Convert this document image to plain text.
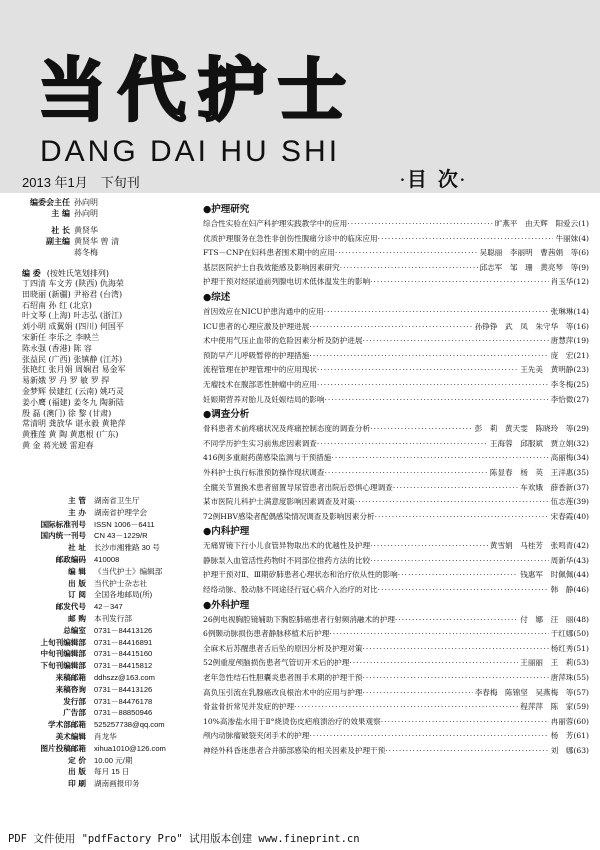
当代护士
DANG DAI HU SHI
2013 年1月　下旬刊	·目 次·
编委会主任 孙向明
主 编 孙向明
社 长 黄贤华
副主编 黄贤华 曾 清
蒋冬梅
编 委 (按姓氏笔划排列)
丁四清 车文芳 (陕西) 仇海荣
田晓丽 (新疆) 尹裕君 (台湾)
石绍南 孙 红 (北京)
叶文琴 (上海) 叶志弘 (浙江)
刘小明 成翼娟 (四川) 何国平
宋新任 李乐之 李映兰
陈永强 (香港) 陈 容
张益民 (广西) 张镇静 (江苏)
张艳红 张月娟 周娴君 易金军
易新娥 罗 丹 罗 敏 罗 捍
金梦辉 侯建红 (云南) 姚巧灵
姜小鹰 (福建) 姜冬九 陶新陆
殷 磊 (澳门) 徐 黎 (甘肃)
常清明 龚放华 谌永毅 黄艳萍
黄雅莲 黄 陶 黄惠根 (广东)
黄 金 蒋光媛 雷迎春
主 管 湖南省卫生厅
主 办 湖南省护理学会
国际标准刊号 ISSN 1006－6411
国内统一刊号 CN 43－1229/R
社 址 长沙市湘雅路 30 号
邮政编码 410008
编 辑 《当代护士》编辑部
出 版 当代护士杂志社
订 阅 全国各地邮局(所)
邮发代号 42－347
邮 购 本刊发行部
总编室 0731－84413126
上旬刊编辑部 0731－84416891
中旬刊编辑部 0731－84415160
下旬刊编辑部 0731－84415812
来稿邮箱 ddhszz@163.com
来稿咨询 0731－84413126
发行部 0731－84476178
广告部 0731－88850946
学术部邮箱 525257738@qq.com
美术编辑 肖龙华
图片投稿邮箱 xihua1010@126.com
定 价 10.00 元/期
出 版 每月 15 日
印 刷 湖南画报印务
●护理研究
综合性实验在妇产科护理实践教学中的应用 ·····	旷燕平　由天辉　阳爱云 (1)
优质护理服务在急性非创伤性腹痛分诊中的临床应用 ·····	牛丽妹 (4)
FTS－CNP在妇科患者围术期中的应用 ·····	吴聪丽　李丽明　曹茜娟　等 (6)
基层医院护士自我效能感及影响因素研究 ·····	邱志军　邹　珊　黄亮琴　等 (9)
护理干预对经尿道前列腺电切术低体温发生的影响 ·····	肖玉华 (12)
●综述
首因效应在NICU护患沟通中的应用 ·····	张琳琳 (14)
ICU患者的心理应激及护理进展 ·····	孙铮铮　武　凤　朱守华　等 (16)
术中使用气压止血带的危险因素分析及防护进展 ·····	唐慧萍 (19)
预防早产儿呼吸暂停的护理措施 ·····	庞　宏 (21)
流程管理在护理管理中的应用现状 ·····	王先美　黄明静 (23)
无瘤技术在腹部恶性肿瘤中的应用 ·····	李冬梅 (25)
妊娠期营养对胎儿及妊娠结局的影响 ·····	李恰微 (27)
●调查分析
骨科患者术前疼痛状况及疼痛控制态度的调查分析 ·····	彭　莉　黄天雯　陈晓玲　等 (29)
不同学历护生实习前焦虑因素调查 ·····	王海蓉　邱服斌　贾立娟 (32)
416例多重耐药菌感染监测与干预措施 ·····	高丽梅 (34)
外科护士执行标准预防操作现状调查 ·····	陈显春　杨　英　王洋惠 (35)
全髋关节置换术患者留置导尿管患者出院后恐惧心理调查 ·····	车欢娥　薛香新 (37)
某市医院儿科护士满意度影响因素调查及对策 ·····	伍志莲 (39)
72例HBV感染者配偶感染情况调查及影响因素分析 ·····	宋春霞 (40)
●内科护理
无痛胃镜下行小儿食管异物取出术的优越性及护理 ·····	黄雪娟　马桂芳　张鸣青 (42)
静脉泵入血管活性药物时不同部位推药方法的比较 ·····	周新华 (43)
护理干预对Ⅱ、Ⅲ期矽肺患者心理状态和治疗依从性的影响 ·····	钱惠军　时佩佩 (44)
经络动脉、股动脉不同途径行冠心病介入治疗的对比 ·····	韩　静 (46)
●外科护理
26例电视胸腔镜辅助下胸腔肺癌患者行射频消融术的护理 ·····	付　娜　汪　丽 (48)
6例颞动脉损伤患者静脉移植术后护理 ·····	于红娜 (50)
全麻术后苏醒患者舌后坠的原因分析及护理对策 ·····	杨红秀 (51)
52例重度颅脑损伤患者气管切开术后的护理 ·····	王丽丽　王　莉 (53)
老年急性结石性胆囊炎患者围手术期的护理干预 ·····	唐萍珠 (55)
高负压引流在乳腺癌改良根治术中的应用与护理 ·····	李春梅　陈锦坚　吴燕梅　等 (57)
骨盆骨折常见并发症的护理 ·····	程萍萍　陈　家 (59)
10%高渗盐水用于Ⅱ°烧烫伤皮疤痕溃治疗的效果观察 ·····	冉丽蓉 (60)
颅内动脉瘤破裂夹闭手术的护理 ·····	杨　芳 (61)
神经外科昏迷患者合并肺部感染的相关因素及护理干预 ·····	刘　娜 (63)
PDF 文件使用 "pdfFactory Pro" 试用版本创建 www.fineprint.cn
